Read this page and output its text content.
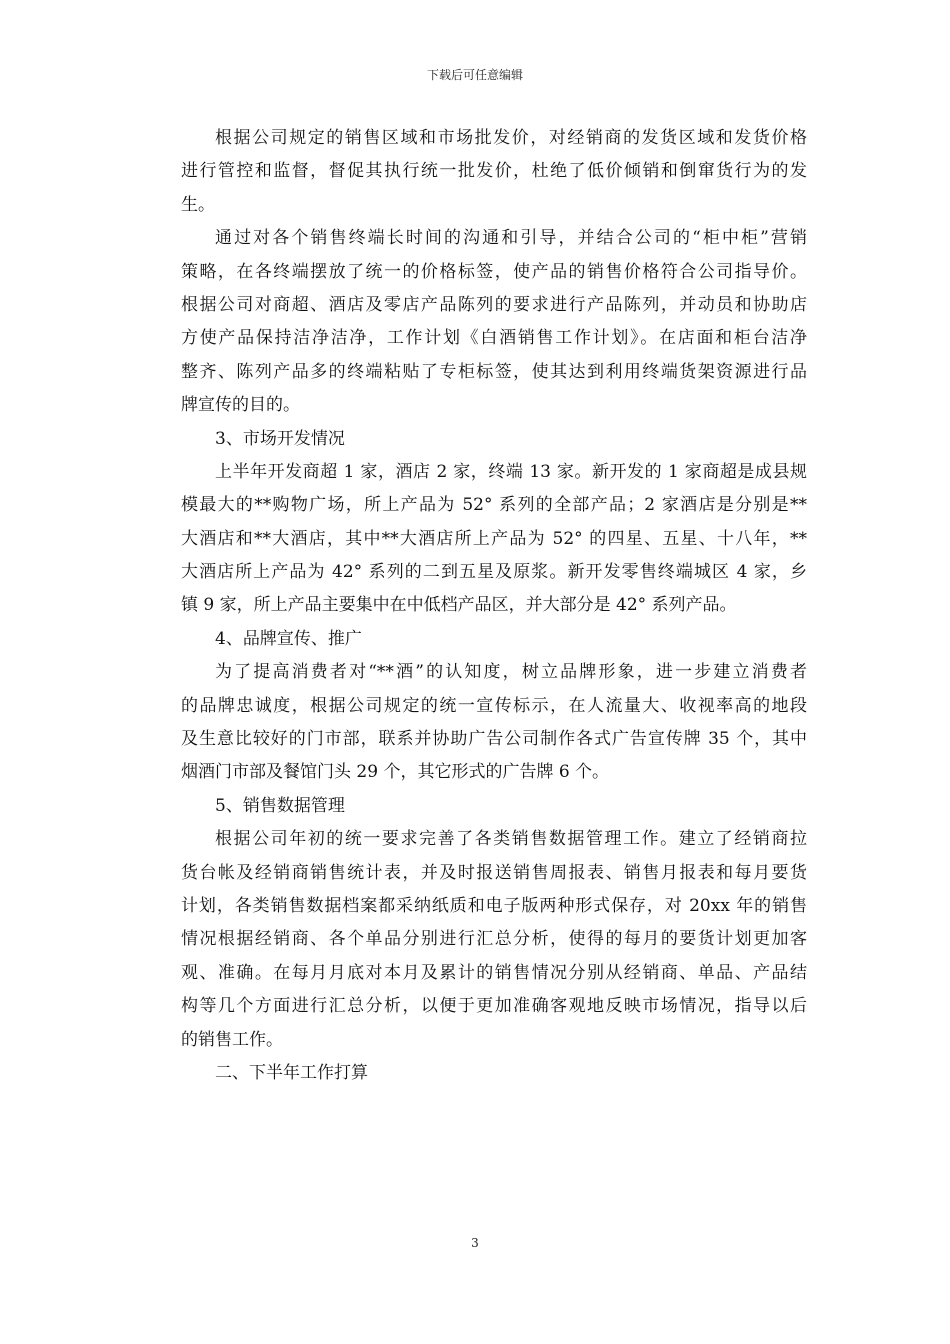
下载后可任意编辑
根据公司规定的销售区域和市场批发价，对经销商的发货区域和发货价格
进行管控和监督，督促其执行统一批发价，杜绝了低价倾销和倒窜货行为的发
生。
通过对各个销售终端长时间的沟通和引导，并结合公司的“柜中柜”营销
策略，在各终端摆放了统一的价格标签，使产品的销售价格符合公司指导价。
根据公司对商超、酒店及零店产品陈列的要求进行产品陈列，并动员和协助店
方使产品保持洁净洁净，工作计划《白酒销售工作计划》。在店面和柜台洁净
整齐、陈列产品多的终端粘贴了专柜标签，使其达到利用终端货架资源进行品
牌宣传的目的。
3、市场开发情况
上半年开发商超 1 家，酒店 2 家，终端 13 家。新开发的 1 家商超是成县规
模最大的**购物广场，所上产品为 52° 系列的全部产品；2 家酒店是分别是**
大酒店和**大酒店，其中**大酒店所上产品为 52° 的四星、五星、十八年，**
大酒店所上产品为 42° 系列的二到五星及原浆。新开发零售终端城区 4 家，乡
镇 9 家，所上产品主要集中在中低档产品区，并大部分是 42° 系列产品。
4、品牌宣传、推广
为了提高消费者对“**酒”的认知度，树立品牌形象，进一步建立消费者
的品牌忠诚度，根据公司规定的统一宣传标示，在人流量大、收视率高的地段
及生意比较好的门市部，联系并协助广告公司制作各式广告宣传牌 35 个，其中
烟酒门市部及餐馆门头 29 个，其它形式的广告牌 6 个。
5、销售数据管理
根据公司年初的统一要求完善了各类销售数据管理工作。建立了经销商拉
货台帐及经销商销售统计表，并及时报送销售周报表、销售月报表和每月要货
计划，各类销售数据档案都采纳纸质和电子版两种形式保存，对 20xx 年的销售
情况根据经销商、各个单品分别进行汇总分析，使得的每月的要货计划更加客
观、准确。在每月月底对本月及累计的销售情况分别从经销商、单品、产品结
构等几个方面进行汇总分析，以便于更加准确客观地反映市场情况，指导以后
的销售工作。
二、下半年工作打算
3
